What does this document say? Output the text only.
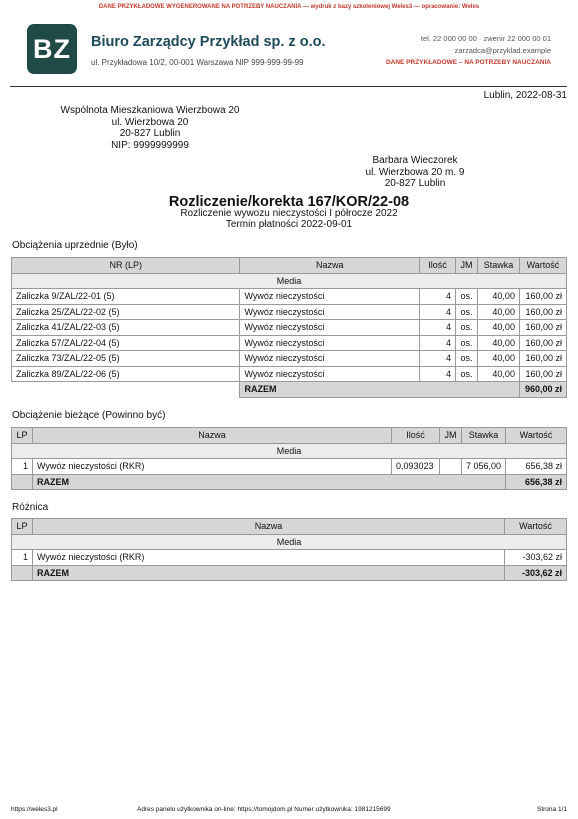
DANE PRZYKŁADOWE WYGENEROWANE NA POTRZEBY NAUCZANIA — wydruk z bazy szkoleniowej Weles3 — opracowanie: Weles
BZ	Biuro Zarządcy Przykład sp. z o.o.
ul. Przykładowa 10/2, 00-001 Warszawa NIP 999-999-99-99
tel. 22 000 00 00 · zwenir 22 000 00 01
zarzadca@przyklad.example
DANE PRZYKŁADOWE – NA POTRZEBY NAUCZANIA
Lublin, 2022-08-31
Wspólnota Mieszkaniowa Wierzbowa 20
ul. Wierzbowa 20
20-827 Lublin
NIP: 9999999999
Barbara Wieczorek
ul. Wierzbowa 20 m. 9
20-827 Lublin
Rozliczenie/korekta 167/KOR/22-08
Rozliczenie wywozu nieczystości I półrocze 2022
Termin płatności 2022-09-01
Obciążenia uprzednie (Było)
NR (LP)	Nazwa	Ilość	JM	Stawka	Wartość
Media					
Zaliczka 9/ZAL/22-01 (5)	Wywóz nieczystości	4	os.	40,00	160,00 zł
Zaliczka 25/ZAL/22-02 (5)	Wywóz nieczystości	4	os.	40,00	160,00 zł
Zaliczka 41/ZAL/22-03 (5)	Wywóz nieczystości	4	os.	40,00	160,00 zł
Zaliczka 57/ZAL/22-04 (5)	Wywóz nieczystości	4	os.	40,00	160,00 zł
Zaliczka 73/ZAL/22-05 (5)	Wywóz nieczystości	4	os.	40,00	160,00 zł
Zaliczka 89/ZAL/22-06 (5)	Wywóz nieczystości	4	os.	40,00	160,00 zł
	RAZEM				960,00 zł
Obciążenie bieżące (Powinno być)
LP	Nazwa	Ilość	JM	Stawka	Wartość
Media					
1	Wywóz nieczystości (RKR)	0,093023		7 056,00	656,38 zł
	RAZEM				656,38 zł
Różnica
LP	Nazwa	Wartość
Media		
1	Wywóz nieczystości (RKR)	-303,62 zł
	RAZEM	-303,62 zł
https://weles3.pl	Adres panelu użytkownika on-line: https://tomojdom.pl Numer użytkownika: 1981215699	Strona 1/1
